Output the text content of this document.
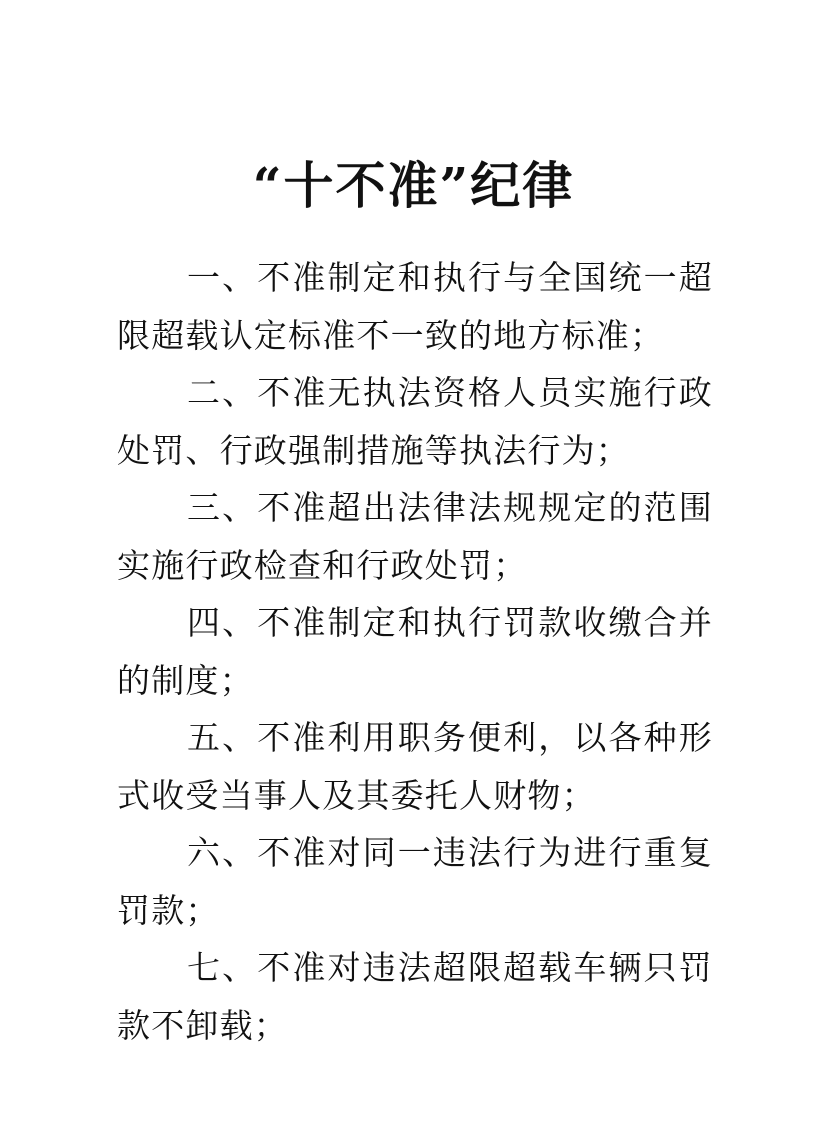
“十不准”纪律

一、不准制定和执行与全国统一超限超载认定标准不一致的地方标准；

二、不准无执法资格人员实施行政处罚、行政强制措施等执法行为；

三、不准超出法律法规规定的范围实施行政检查和行政处罚；

四、不准制定和执行罚款收缴合并的制度；

五、不准利用职务便利，以各种形式收受当事人及其委托人财物；

六、不准对同一违法行为进行重复罚款；

七、不准对违法超限超载车辆只罚款不卸载；
